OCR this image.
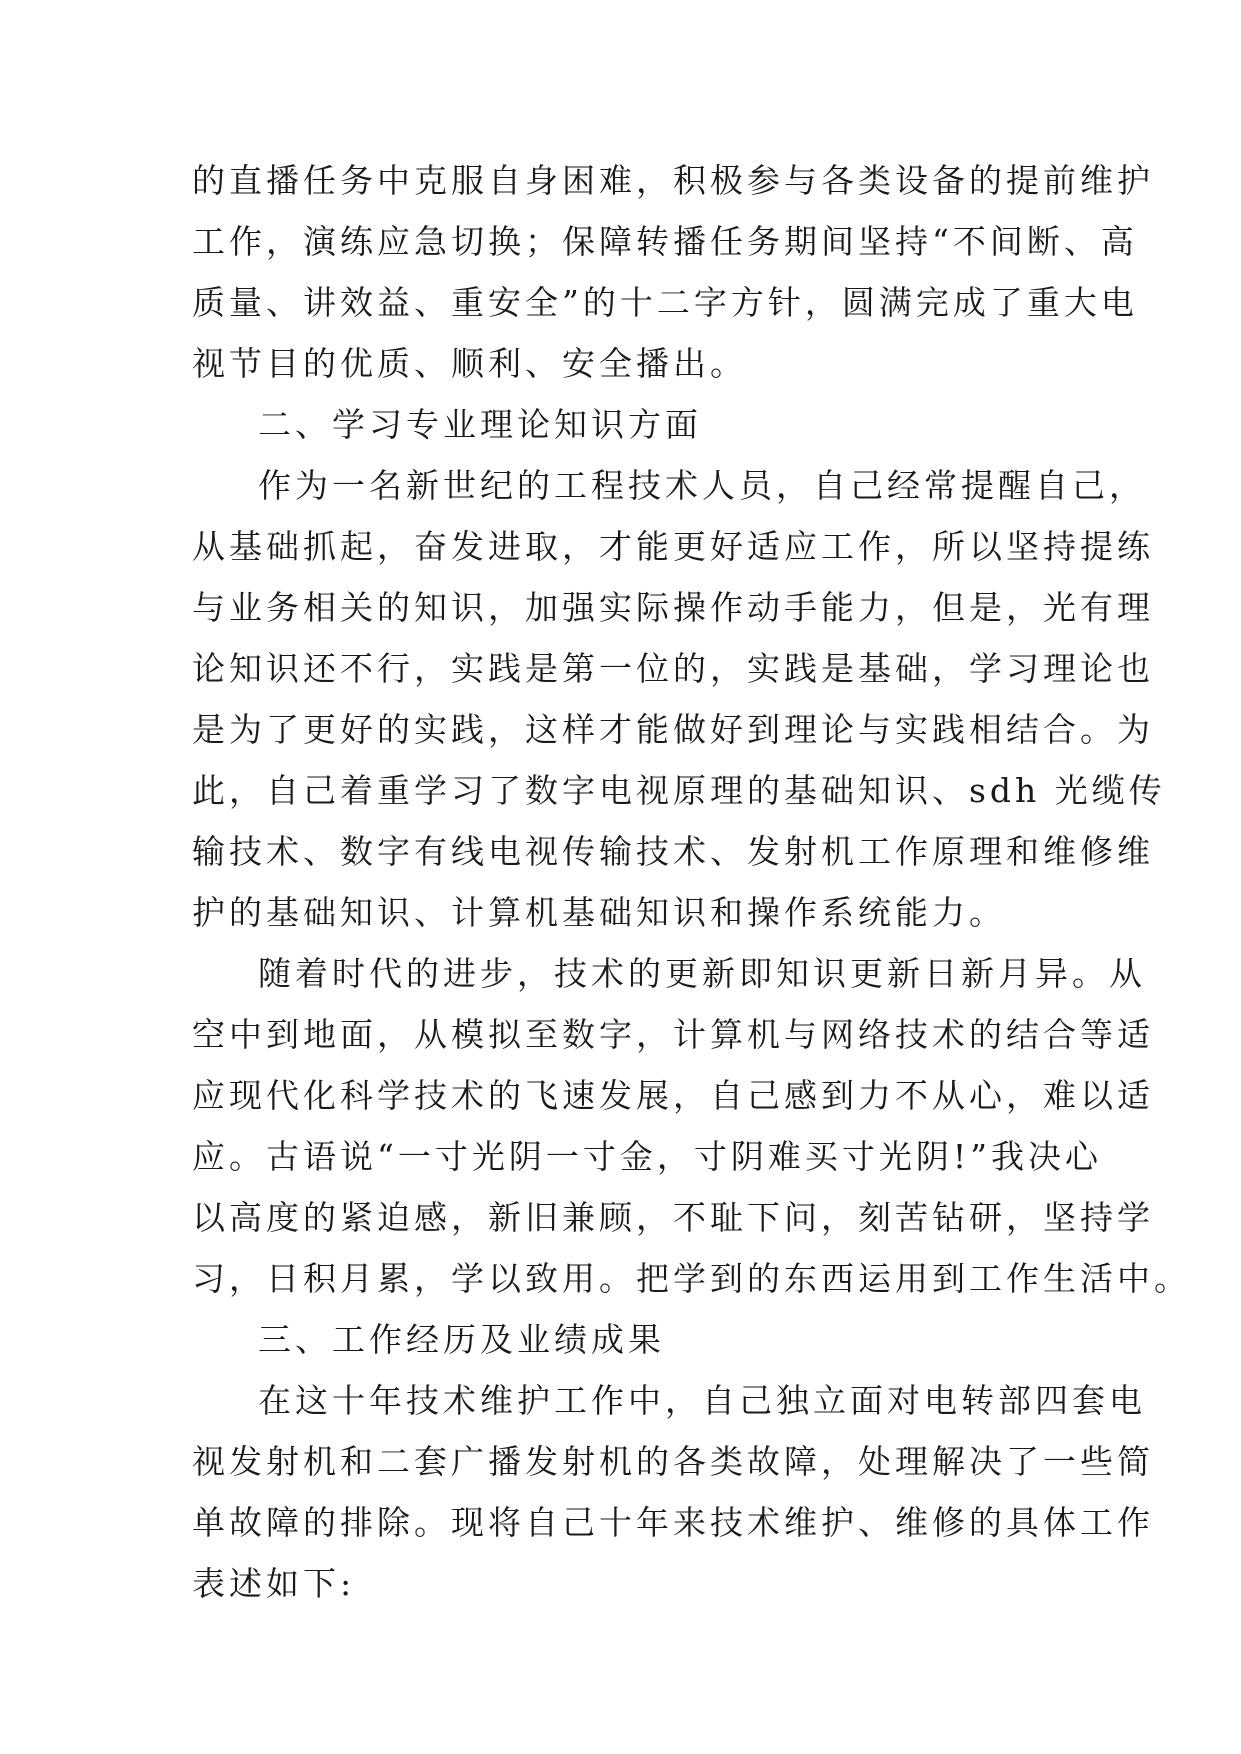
的直播任务中克服自身困难，积极参与各类设备的提前维护
工作，演练应急切换；保障转播任务期间坚持“不间断、高
质量、讲效益、重安全”的十二字方针，圆满完成了重大电
视节目的优质、顺利、安全播出。
二、学习专业理论知识方面
作为一名新世纪的工程技术人员，自己经常提醒自己，
从基础抓起，奋发进取，才能更好适应工作，所以坚持提练
与业务相关的知识，加强实际操作动手能力，但是，光有理
论知识还不行，实践是第一位的，实践是基础，学习理论也
是为了更好的实践，这样才能做好到理论与实践相结合。为
此，自己着重学习了数字电视原理的基础知识、sdh 光缆传
输技术、数字有线电视传输技术、发射机工作原理和维修维
护的基础知识、计算机基础知识和操作系统能力。
随着时代的进步，技术的更新即知识更新日新月异。从
空中到地面，从模拟至数字，计算机与网络技术的结合等适
应现代化科学技术的飞速发展，自己感到力不从心，难以适
应。古语说“一寸光阴一寸金，寸阴难买寸光阴!”我决心
以高度的紧迫感，新旧兼顾，不耻下问，刻苦钻研，坚持学
习，日积月累，学以致用。把学到的东西运用到工作生活中。
三、工作经历及业绩成果
在这十年技术维护工作中，自己独立面对电转部四套电
视发射机和二套广播发射机的各类故障，处理解决了一些简
单故障的排除。现将自己十年来技术维护、维修的具体工作
表述如下:
